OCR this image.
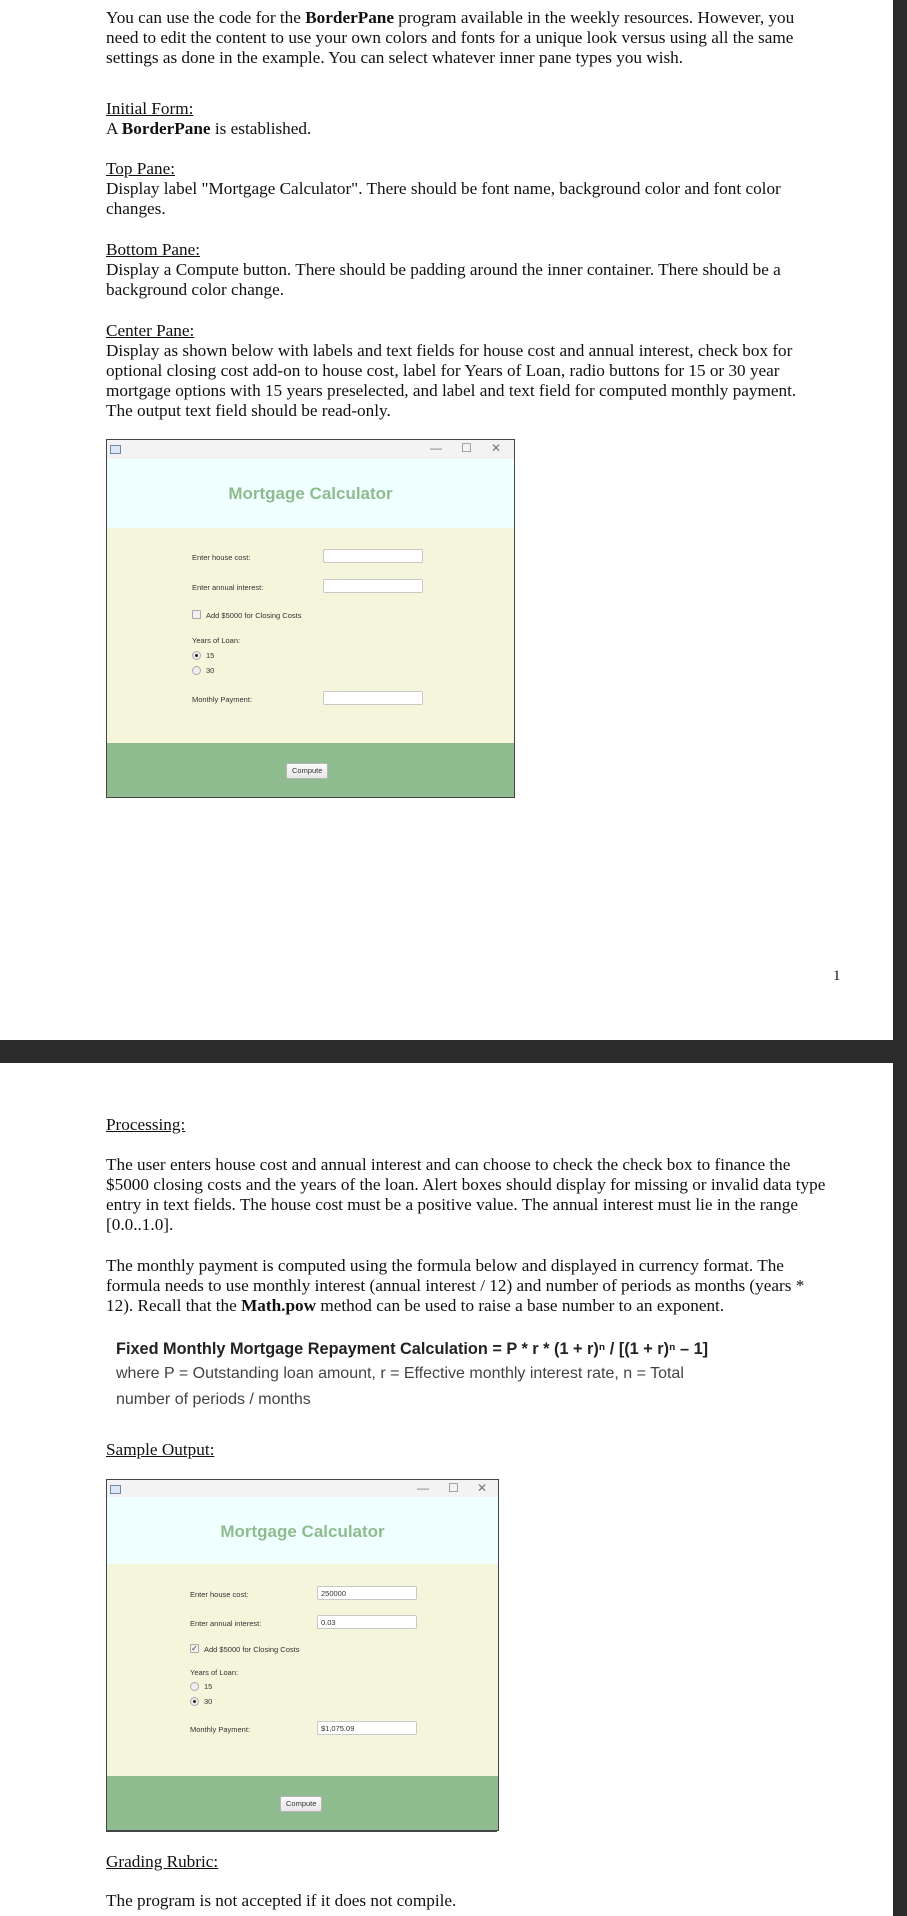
You can use the code for the BorderPane program available in the weekly resources. However, you need to edit the content to use your own colors and fonts for a unique look versus using all the same settings as done in the example. You can select whatever inner pane types you wish.

Initial Form:

A BorderPane is established.

Top Pane:

Display label "Mortgage Calculator". There should be font name, background color and font color changes.

Bottom Pane:

Display a Compute button. There should be padding around the inner container. There should be a background color change.

Center Pane:

Display as shown below with labels and text fields for house cost and annual interest, check box for optional closing cost add-on to house cost, label for Years of Loan, radio buttons for 15 or 30 year mortgage options with 15 years preselected, and label and text field for computed monthly payment. The output text field should be read-only.

— ☐ ✕
Mortgage Calculator
Enter house cost:
Enter annual interest:
Add $5000 for Closing Costs
Years of Loan:
15
30
Monthly Payment:
Compute
1

Processing:

The user enters house cost and annual interest and can choose to check the check box to finance the $5000 closing costs and the years of the loan. Alert boxes should display for missing or invalid data type entry in text fields. The house cost must be a positive value. The annual interest must lie in the range [0.0..1.0].

The monthly payment is computed using the formula below and displayed in currency format. The formula needs to use monthly interest (annual interest / 12) and number of periods as months (years * 12). Recall that the Math.pow method can be used to raise a base number to an exponent.

Fixed Monthly Mortgage Repayment Calculation = P * r * (1 + r)ⁿ / [(1 + r)ⁿ – 1]
where P = Outstanding loan amount, r = Effective monthly interest rate, n = Total
number of periods / months

Sample Output:

— ☐ ✕
Mortgage Calculator
Enter house cost:	250000
Enter annual interest:	0.03
✓ Add $5000 for Closing Costs
Years of Loan:
15
30
Monthly Payment:	$1,075.09
Compute

Grading Rubric:

The program is not accepted if it does not compile.
